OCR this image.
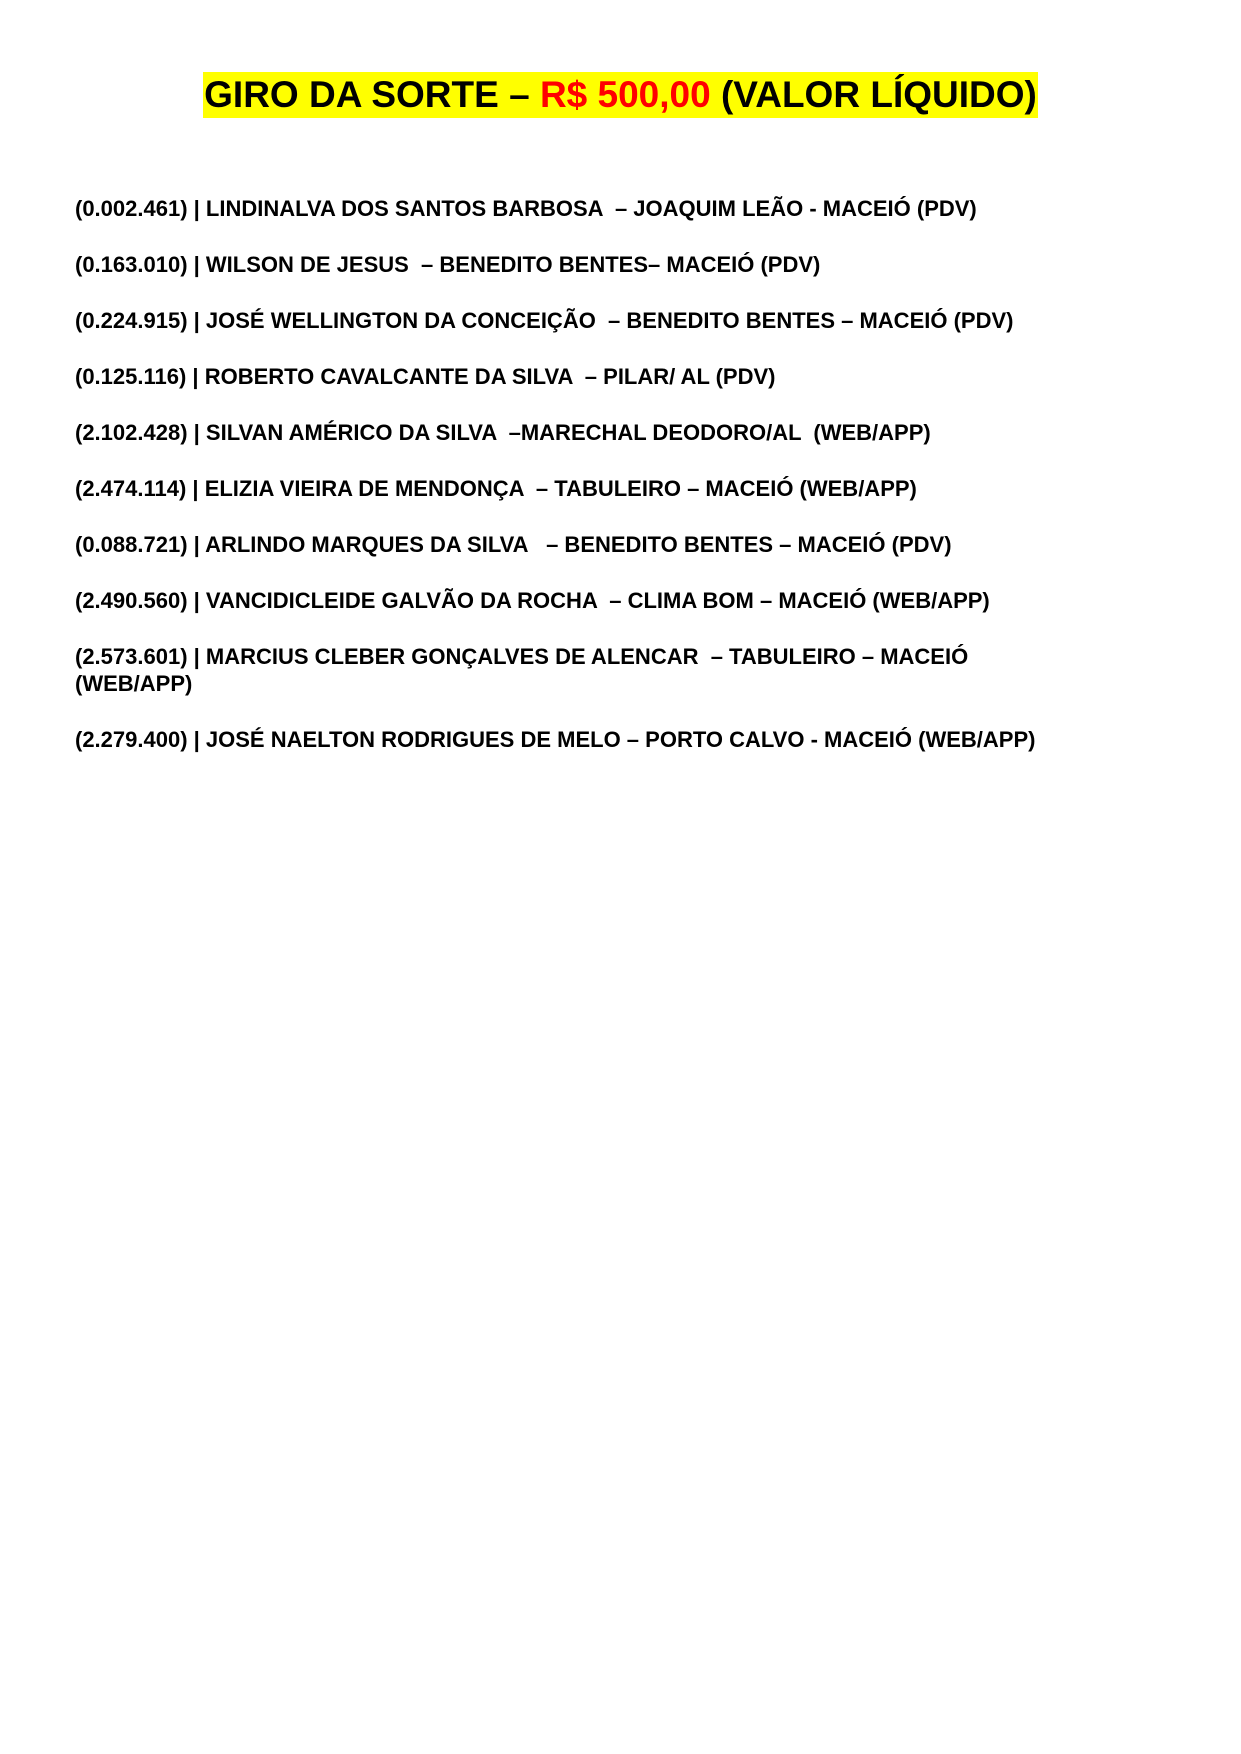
GIRO DA SORTE – R$ 500,00 (VALOR LÍQUIDO)
(0.002.461) | LINDINALVA DOS SANTOS BARBOSA  – JOAQUIM LEÃO - MACEIÓ (PDV)
(0.163.010) | WILSON DE JESUS  – BENEDITO BENTES– MACEIÓ (PDV)
(0.224.915) | JOSÉ WELLINGTON DA CONCEIÇÃO  – BENEDITO BENTES – MACEIÓ (PDV)
(0.125.116) | ROBERTO CAVALCANTE DA SILVA  – PILAR/ AL (PDV)
(2.102.428) | SILVAN AMÉRICO DA SILVA  –MARECHAL DEODORO/AL  (WEB/APP)
(2.474.114) | ELIZIA VIEIRA DE MENDONÇA  – TABULEIRO – MACEIÓ (WEB/APP)
(0.088.721) | ARLINDO MARQUES DA SILVA   – BENEDITO BENTES – MACEIÓ (PDV)
(2.490.560) | VANCIDICLEIDE GALVÃO DA ROCHA  – CLIMA BOM – MACEIÓ (WEB/APP)
(2.573.601) | MARCIUS CLEBER GONÇALVES DE ALENCAR  – TABULEIRO – MACEIÓ (WEB/APP)
(2.279.400) | JOSÉ NAELTON RODRIGUES DE MELO – PORTO CALVO - MACEIÓ (WEB/APP)
